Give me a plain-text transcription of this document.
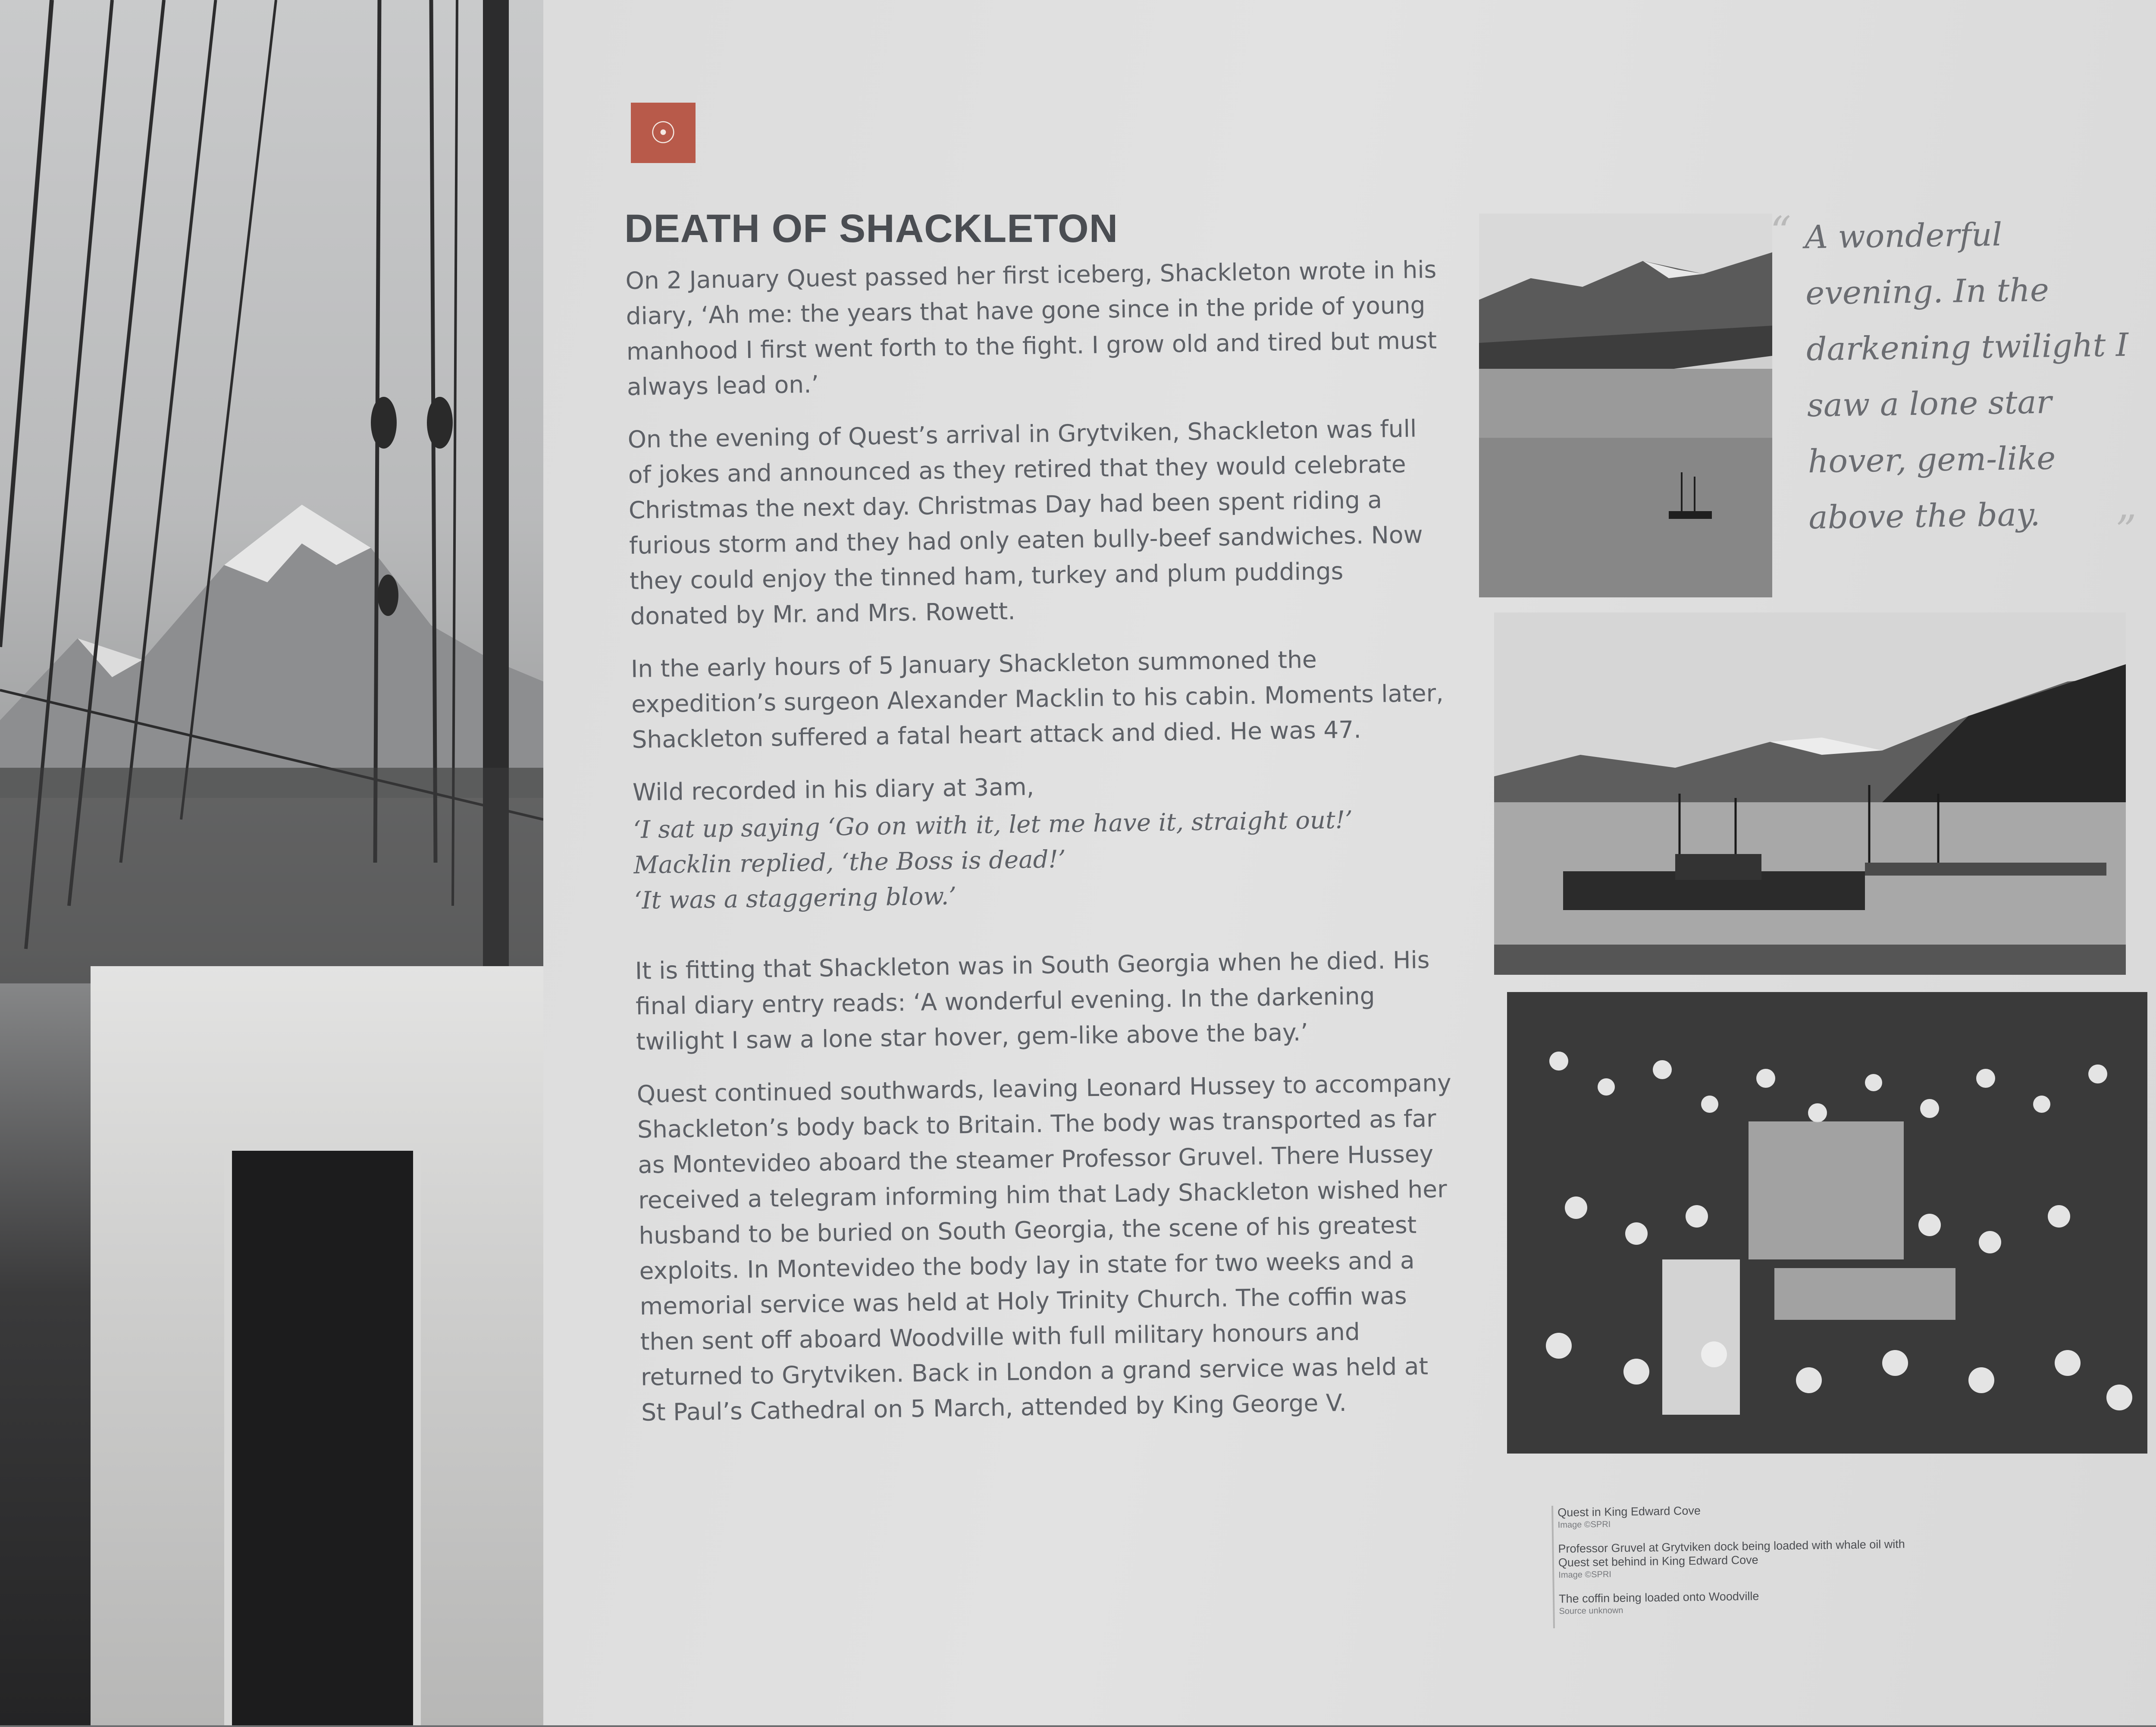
☉
DEATH OF SHACKLETON

On 2 January Quest passed her first iceberg, Shackleton wrote in his diary, ‘Ah me: the years that have gone since in the pride of young manhood I first went forth to the fight. I grow old and tired but must always lead on.’

On the evening of Quest’s arrival in Grytviken, Shackleton was full of jokes and announced as they retired that they would celebrate Christmas the next day. Christmas Day had been spent riding a furious storm and they had only eaten bully-beef sandwiches. Now they could enjoy the tinned ham, turkey and plum puddings donated by Mr. and Mrs. Rowett.

In the early hours of 5 January Shackleton summoned the expedition’s surgeon Alexander Macklin to his cabin. Moments later, Shackleton suffered a fatal heart attack and died. He was 47.

Wild recorded in his diary at 3am,

‘I sat up saying ‘Go on with it, let me have it, straight out!’ Macklin replied, ‘the Boss is dead!’

‘It was a staggering blow.’

It is fitting that Shackleton was in South Georgia when he died. His final diary entry reads: ‘A wonderful evening. In the darkening twilight I saw a lone star hover, gem-like above the bay.’

Quest continued southwards, leaving Leonard Hussey to accompany Shackleton’s body back to Britain. The body was transported as far as Montevideo aboard the steamer Professor Gruvel. There Hussey received a telegram informing him that Lady Shackleton wished her husband to be buried on South Georgia, the scene of his greatest exploits. In Montevideo the body lay in state for two weeks and a memorial service was held at Holy Trinity Church. The coffin was then sent off aboard Woodville with full military honours and returned to Grytviken. Back in London a grand service was held at St Paul’s Cathedral on 5 March, attended by King George V.

“ A wonderful evening. In the darkening twilight I saw a lone star hover, gem-like above the bay. ”
Quest in King Edward Cove
Image ©SPRI
Professor Gruvel at Grytviken dock being loaded with whale oil with Quest set behind in King Edward Cove
Image ©SPRI
The coffin being loaded onto Woodville
Source unknown
